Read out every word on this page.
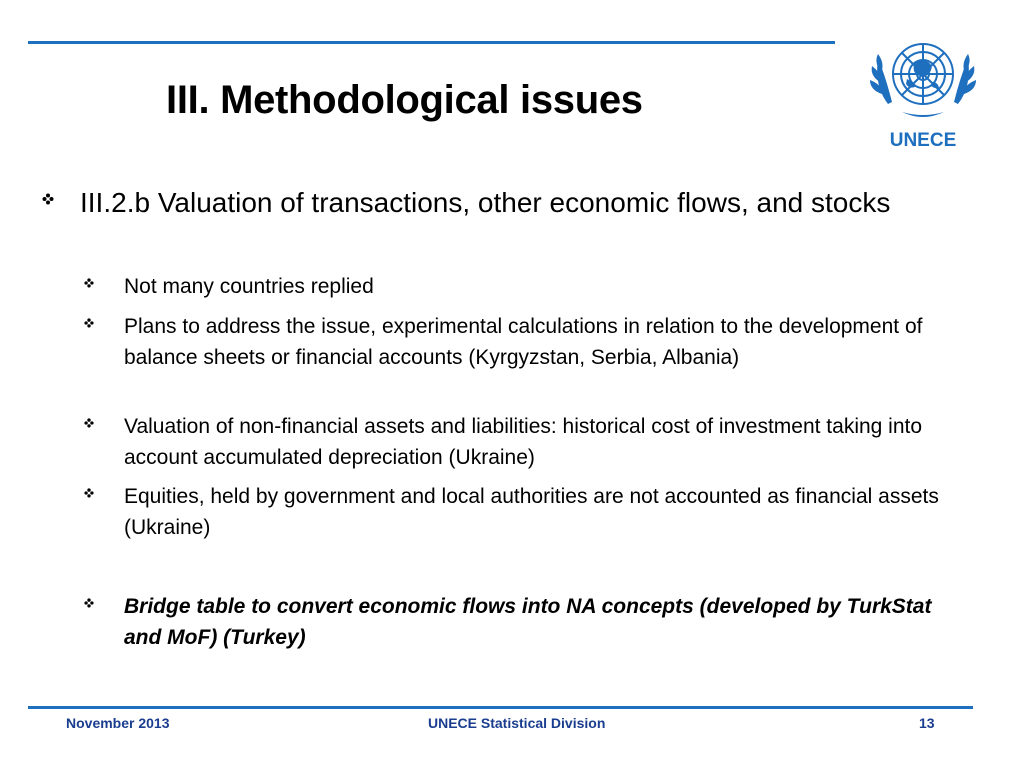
III. Methodological issues
UNECE
III.2.b Valuation of transactions, other economic flows, and stocks
Not many countries replied
Plans to address the issue, experimental calculations in relation to the development of balance sheets or financial accounts (Kyrgyzstan, Serbia, Albania)
Valuation of non-financial assets and liabilities: historical cost of investment taking into account accumulated depreciation (Ukraine)
Equities, held by government and local authorities are not accounted as financial assets (Ukraine)
Bridge table to convert economic flows into NA concepts (developed by TurkStat and MoF) (Turkey)
November 2013	UNECE Statistical Division	13
